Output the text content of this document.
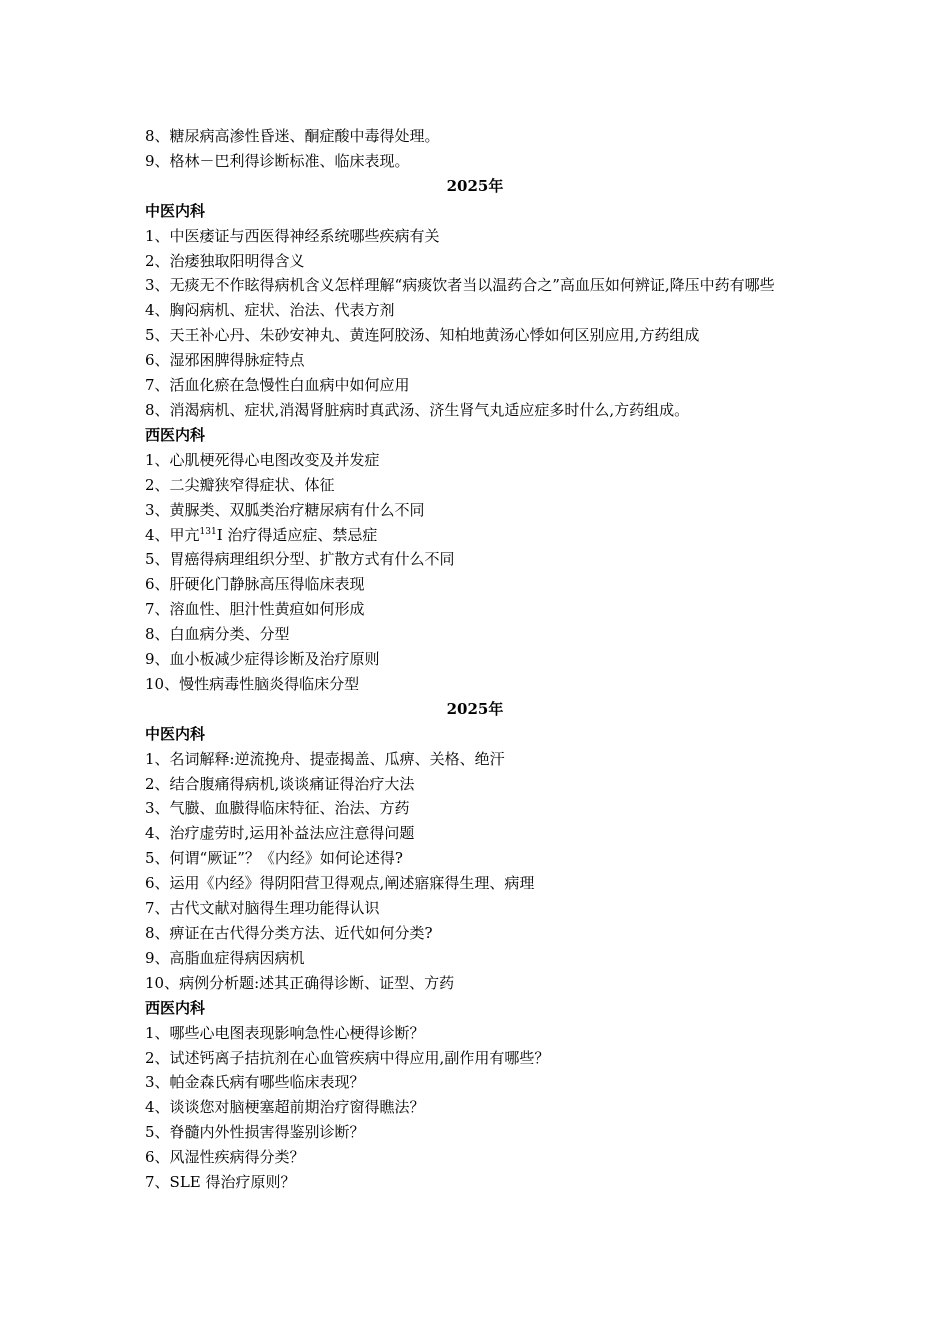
8、糖尿病高渗性昏迷、酮症酸中毒得处理。
9、格林－巴利得诊断标准、临床表现。
2025年
中医内科
1、中医痿证与西医得神经系统哪些疾病有关
2、治痿独取阳明得含义
3、无痰无不作眩得病机含义怎样理解“病痰饮者当以温药合之”高血压如何辨证,降压中药有哪些
4、胸闷病机、症状、治法、代表方剂
5、天王补心丹、朱砂安神丸、黄连阿胶汤、知柏地黄汤心悸如何区别应用,方药组成
6、湿邪困脾得脉症特点
7、活血化瘀在急慢性白血病中如何应用
8、消渴病机、症状,消渴肾脏病时真武汤、济生肾气丸适应症多时什么,方药组成。
西医内科
1、心肌梗死得心电图改变及并发症
2、二尖瓣狭窄得症状、体征
3、黄脲类、双胍类治疗糖尿病有什么不同
4、甲亢$^{131}$Ⅰ 治疗得适应症、禁忌症
5、胃癌得病理组织分型、扩散方式有什么不同
6、肝硬化门静脉高压得临床表现
7、溶血性、胆汁性黄疸如何形成
8、白血病分类、分型
9、血小板减少症得诊断及治疗原则
10、慢性病毒性脑炎得临床分型
2025年
中医内科
1、名词解释:逆流挽舟、提壶揭盖、瓜痹、关格、绝汗
2、结合腹痛得病机,谈谈痛证得治疗大法
3、气臌、血臌得临床特征、治法、方药
4、治疗虚劳时,运用补益法应注意得问题
5、何谓“厥证”？《内经》如何论述得?
6、运用《内经》得阴阳营卫得观点,阐述寤寐得生理、病理
7、古代文献对脑得生理功能得认识
8、痹证在古代得分类方法、近代如何分类?
9、高脂血症得病因病机
10、病例分析题:述其正确得诊断、证型、方药
西医内科
1、哪些心电图表现影响急性心梗得诊断？
2、试述钙离子拮抗剂在心血管疾病中得应用,副作用有哪些？
3、帕金森氏病有哪些临床表现？
4、谈谈您对脑梗塞超前期治疗窗得瞧法？
5、脊髓内外性损害得鉴别诊断？
6、风湿性疾病得分类？
7、SLE 得治疗原则？
